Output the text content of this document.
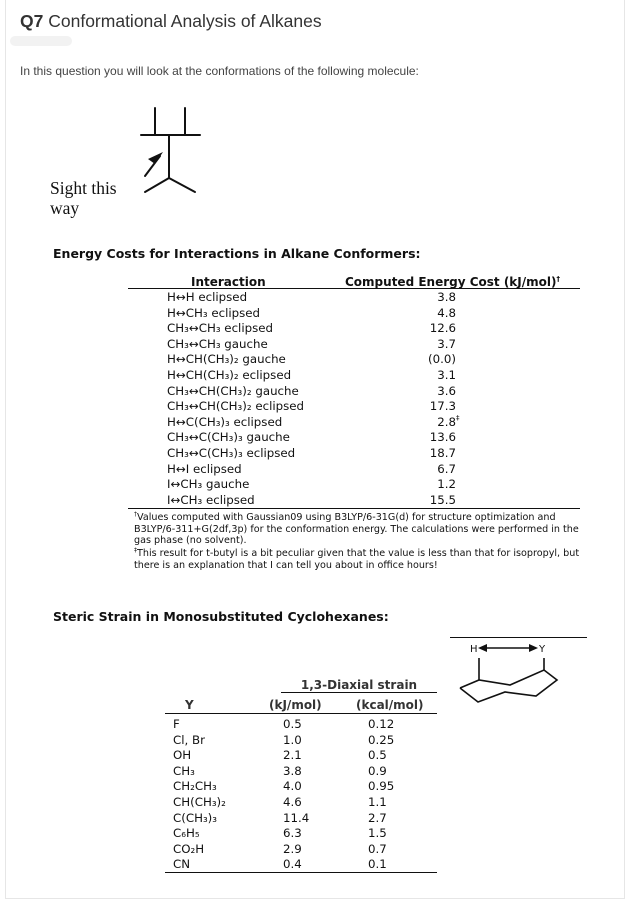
Q7 Conformational Analysis of Alkanes
In this question you will look at the conformations of the following molecule:
Sight this
way
Energy Costs for Interactions in Alkane Conformers:
Interaction	Computed Energy Cost (kJ/mol)†
H↔H eclipsed	3.8
H↔CH₃ eclipsed	4.8
CH₃↔CH₃ eclipsed	12.6
CH₃↔CH₃ gauche	3.7
H↔CH(CH₃)₂ gauche	(0.0)
H↔CH(CH₃)₂ eclipsed	3.1
CH₃↔CH(CH₃)₂ gauche	3.6
CH₃↔CH(CH₃)₂ eclipsed	17.3
H↔C(CH₃)₃ eclipsed	2.8 ‡
CH₃↔C(CH₃)₃ gauche	13.6
CH₃↔C(CH₃)₃ eclipsed	18.7
H↔I eclipsed	6.7
I↔CH₃ gauche	1.2
I↔CH₃ eclipsed	15.5
†Values computed with Gaussian09 using B3LYP/6-31G(d) for structure optimization and B3LYP/6-311+G(2df,3p) for the conformation energy. The calculations were performed in the gas phase (no solvent).
‡This result for t-butyl is a bit peculiar given that the value is less than that for isopropyl, but there is an explanation that I can tell you about in office hours!
Steric Strain in Monosubstituted Cyclohexanes:
1,3-Diaxial strain
Y	(kJ/mol)	(kcal/mol)
F	0.5	0.12
Cl, Br	1.0	0.25
OH	2.1	0.5
CH₃	3.8	0.9
CH₂CH₃	4.0	0.95
CH(CH₃)₂	4.6	1.1
C(CH₃)₃	11.4	2.7
C₆H₅	6.3	1.5
CO₂H	2.9	0.7
CN	0.4	0.1
H	Y
